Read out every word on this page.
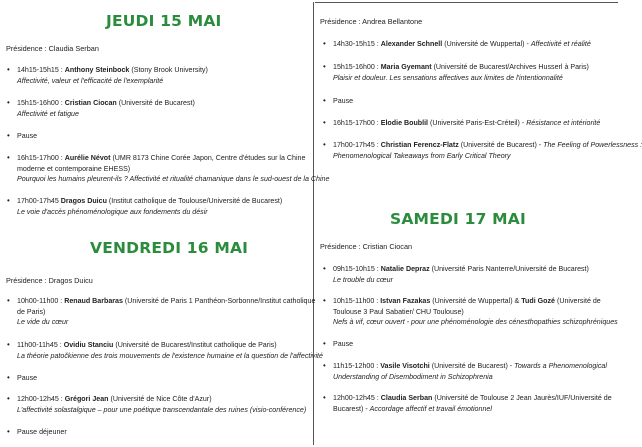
JEUDI 15 MAI
Présidence : Claudia Serban
• 14h15-15h15 : Anthony Steinbock (Stony Brook University)
Affectivité, valeur et l'efficacité de l'exemplarité
• 15h15-16h00 : Cristian Ciocan (Université de Bucarest)
Affectivité et fatigue
• Pause
• 16h15-17h00 : Aurélie Névot (UMR 8173 Chine Corée Japon, Centre d'études sur la Chine
moderne et contemporaine EHESS)
Pourquoi les humains pleurent-ils ? Affectivité et ritualité chamanique dans le sud-ouest de la Chine
• 17h00-17h45 Dragos Duicu (Institut catholique de Toulouse/Université de Bucarest)
Le voie d'accès phénoménologique aux fondements du désir
VENDREDI 16 MAI
Présidence : Dragos Duicu
• 10h00-11h00 : Renaud Barbaras (Université de Paris 1 Panthéon-Sorbonne/Institut catholique
de Paris)
Le vide du cœur
• 11h00-11h45 : Ovidiu Stanciu (Université de Bucarest/Institut catholique de Paris)
La théorie patočkienne des trois mouvements de l'existence humaine et la question de l'affectivité
• Pause
• 12h00-12h45 : Grégori Jean (Université de Nice Côte d'Azur)
L'affectivité solastalgique – pour une poétique transcendantale des ruines (visio-conférence)
• Pause déjeuner
Présidence : Andrea Bellantone
• 14h30-15h15 : Alexander Schnell (Université de Wuppertal) - Affectivité et réalité
• 15h15-16h00 : Maria Gyemant (Université de Bucarest/Archives Husserl à Paris)
Plaisir et douleur. Les sensations affectives aux limites de l'intentionnalité
• Pause
• 16h15-17h00 : Elodie Boublil (Université Paris-Est-Créteil) - Résistance et intériorité
• 17h00-17h45 : Christian Ferencz-Flatz (Université de Bucarest) - The Feeling of Powerlessness :
Phenomenological Takeaways from Early Critical Theory
SAMEDI 17 MAI
Présidence : Cristian Ciocan
• 09h15-10h15 : Natalie Depraz (Université Paris Nanterre/Université de Bucarest)
Le trouble du cœur
• 10h15-11h00 : Istvan Fazakas (Université de Wuppertal) & Tudi Gozé (Université de
Toulouse 3 Paul Sabatier/ CHU Toulouse)
Nefs à vif, cœur ouvert - pour une phénoménologie des cénesthopathies schizophréniques
• Pause
• 11h15-12h00 : Vasile Visotchi (Université de Bucarest) - Towards a Phenomenological
Understanding of Disembodiment in Schizophrenia
• 12h00-12h45 : Claudia Serban (Université de Toulouse 2 Jean Jaurès/IUF/Université de
Bucarest) - Accordage affectif et travail émotionnel
